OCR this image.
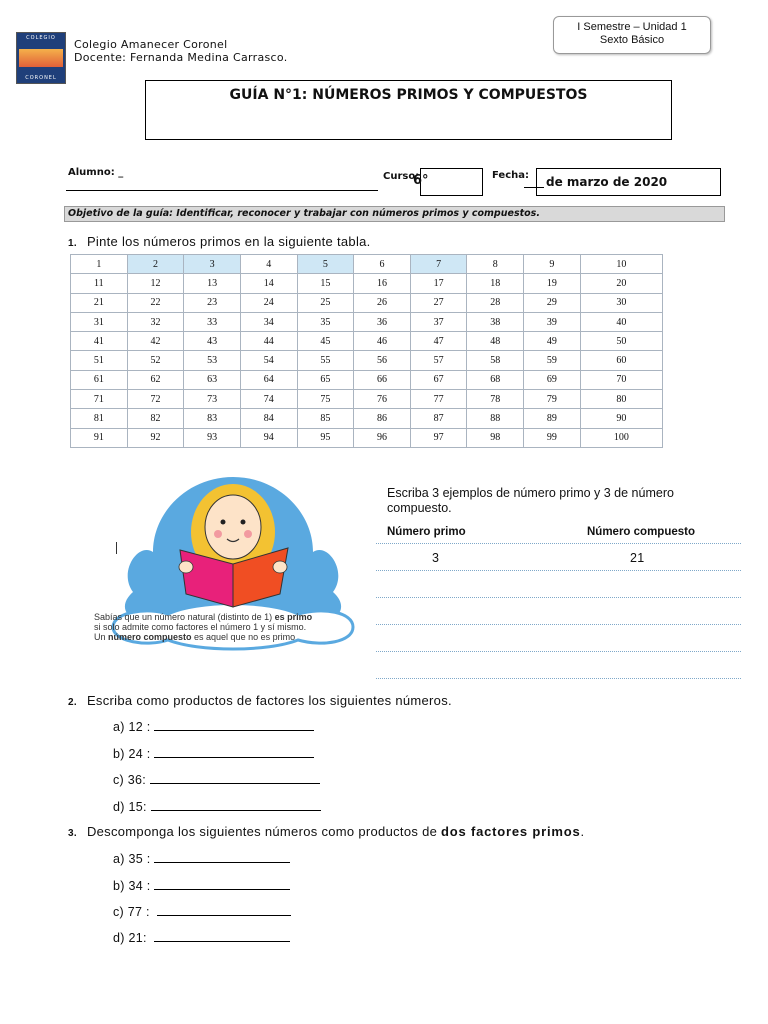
COLEGIO
CORONEL
Colegio Amanecer Coronel
Docente: Fernanda Medina Carrasco.
I Semestre – Unidad 1
Sexto Básico
GUÍA N°1: NÚMEROS PRIMOS Y COMPUESTOS
Alumno: _	Curso:
6°	Fecha: de marzo de 2020
Objetivo de la guía: Identificar, reconocer y trabajar con números primos y compuestos.
1. Pinte los números primos en la siguiente tabla.
1	2	3	4	5	6	7	8	9	10
11	12	13	14	15	16	17	18	19	20
21	22	23	24	25	26	27	28	29	30
31	32	33	34	35	36	37	38	39	40
41	42	43	44	45	46	47	48	49	50
51	52	53	54	55	56	57	58	59	60
61	62	63	64	65	66	67	68	69	70
71	72	73	74	75	76	77	78	79	80
81	82	83	84	85	86	87	88	89	90
91	92	93	94	95	96	97	98	99	100
Sabías que un número natural (distinto de 1) es primo
si solo admite como factores el número 1 y sí mismo.
Un número compuesto es aquel que no es primo
Escriba 3 ejemplos de número primo y 3 de número compuesto.
Número primo	Número compuesto
3	21
2. Escriba como productos de factores los siguientes números.
a) 12 :
b) 24 :
c) 36:
d) 15:
3. Descomponga los siguientes números como productos de dos factores primos.
a) 35 :
b) 34 :
c) 77 :
d) 21:
